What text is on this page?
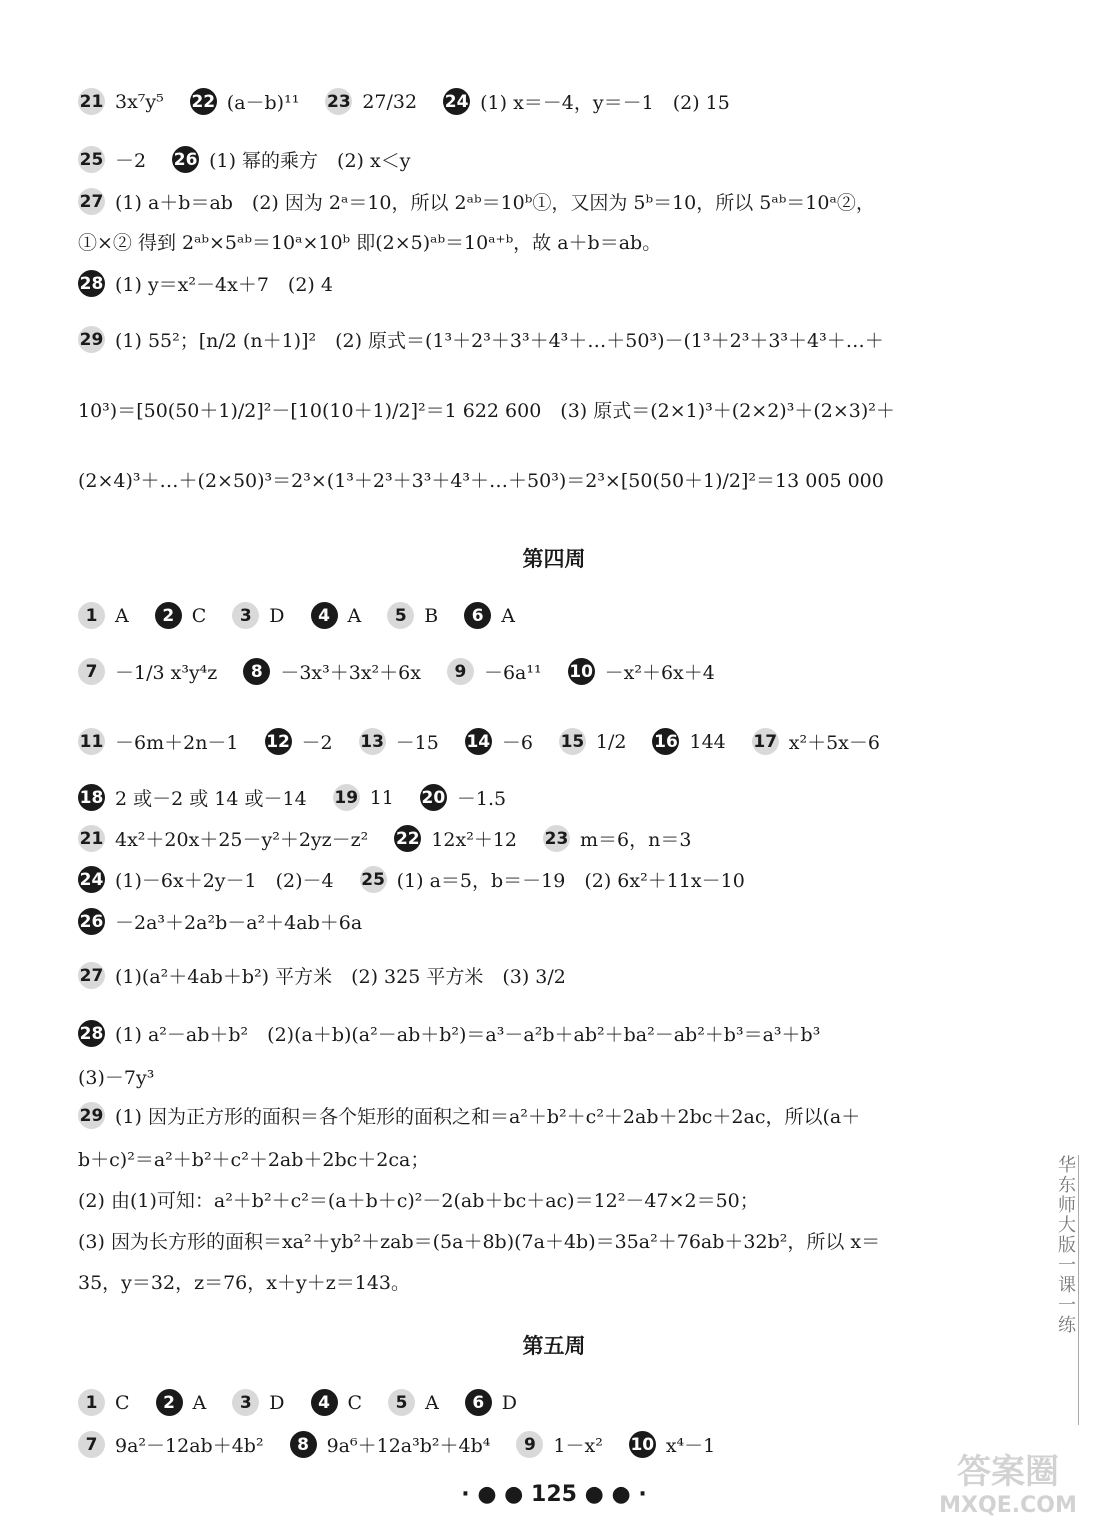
21 3x⁷y⁵ 22 (a－b)¹¹ 23 27/32 24 (1) x＝－4，y＝－1　(2) 15
25 －2 26 (1) 幂的乘方　(2) x＜y
27 (1) a＋b＝ab　(2) 因为 2ᵃ＝10，所以 2ᵃᵇ＝10ᵇ①，又因为 5ᵇ＝10，所以 5ᵃᵇ＝10ᵃ②，
①×② 得到 2ᵃᵇ×5ᵃᵇ＝10ᵃ×10ᵇ 即(2×5)ᵃᵇ＝10ᵃ⁺ᵇ，故 a＋b＝ab。
28 (1) y＝x²－4x＋7　(2) 4
29 (1) 55²；[n/2 (n＋1)]²　(2) 原式＝(1³＋2³＋3³＋4³＋…＋50³)－(1³＋2³＋3³＋4³＋…＋
10³)＝[50(50＋1)/2]²－[10(10＋1)/2]²＝1 622 600　(3) 原式＝(2×1)³＋(2×2)³＋(2×3)²＋
(2×4)³＋…＋(2×50)³＝2³×(1³＋2³＋3³＋4³＋…＋50³)＝2³×[50(50＋1)/2]²＝13 005 000
第四周
1 A	2 C	3 D	4 A	5 B	6 A
7 －1/3 x³y⁴z	8 －3x³＋3x²＋6x	9 －6a¹¹ 10 －x²＋6x＋4
11 －6m＋2n－1 12 －2 13 －15 14 －6 15 1/2 16 144 17 x²＋5x－6
18 2 或－2 或 14 或－14 19 11 20 －1.5
21 4x²＋20x＋25－y²＋2yz－z² 22 12x²＋12 23 m＝6，n＝3
24 (1)－6x＋2y－1　(2)－4 25 (1) a＝5，b＝－19　(2) 6x²＋11x－10
26 －2a³＋2a²b－a²＋4ab＋6a
27 (1)(a²＋4ab＋b²) 平方米　(2) 325 平方米　(3) 3/2
28 (1) a²－ab＋b²　(2)(a＋b)(a²－ab＋b²)＝a³－a²b＋ab²＋ba²－ab²＋b³＝a³＋b³
(3)－7y³
29 (1) 因为正方形的面积＝各个矩形的面积之和＝a²＋b²＋c²＋2ab＋2bc＋2ac，所以(a＋
b＋c)²＝a²＋b²＋c²＋2ab＋2bc＋2ca；
(2) 由(1)可知：a²＋b²＋c²＝(a＋b＋c)²－2(ab＋bc＋ac)＝12²－47×2＝50；
(3) 因为长方形的面积＝xa²＋yb²＋zab＝(5a＋8b)(7a＋4b)＝35a²＋76ab＋32b²，所以 x＝
35，y＝32，z＝76，x＋y＋z＝143。
第五周
1 C	2 A	3 D	4 C	5 A	6 D
7 9a²－12ab＋4b²	8 9a⁶＋12a³b²＋4b⁴	9 1－x² 10 x⁴－1
华东师大版一课一练
· ● ● 125 ● ● ·
答案圈
MXQE.COM
